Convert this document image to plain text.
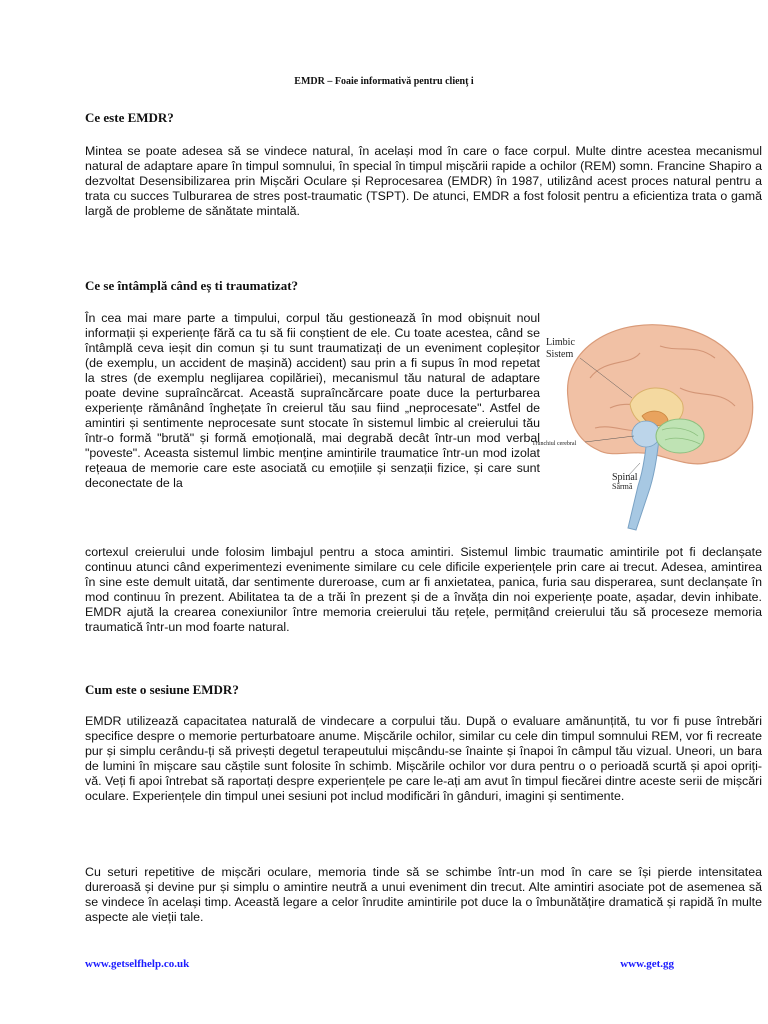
EMDR – Foaie informativă pentru clienţ i
Ce este EMDR?

Mintea se poate adesea să se vindece natural, în același mod în care o face corpul. Multe dintre acestea mecanismul natural de adaptare apare în timpul somnului, în special în timpul mișcării rapide a ochilor (REM) somn. Francine Shapiro a dezvoltat Desensibilizarea prin Mișcări Oculare și Reprocesarea (EMDR) în 1987, utilizând acest proces natural pentru a trata cu succes Tulburarea de stres post-traumatic (TSPT). De atunci, EMDR a fost folosit pentru a eficientiza trata o gamă largă de probleme de sănătate mintală.

Ce se întâmplă când eș ti traumatizat?

În cea mai mare parte a timpului, corpul tău gestionează în mod obișnuit noul informații și experiențe fără ca tu să fii conștient de ele. Cu toate acestea, când se întâmplă ceva ieșit din comun și tu sunt traumatizați de un eveniment copleșitor (de exemplu, un accident de mașină) accident) sau prin a fi supus în mod repetat la stres (de exemplu neglijarea copilăriei), mecanismul tău natural de adaptare poate devine supraîncărcat. Această supraîncărcare poate duce la perturbarea experiențe rămânând înghețate în creierul tău sau fiind „neprocesate". Astfel de amintiri și sentimente neprocesate sunt stocate în sistemul limbic al creierului tău într-o formă "brută" și formă emoțională, mai degrabă decât într-un mod verbal "poveste". Aceasta sistemul limbic menține amintirile traumatice într-un mod izolat rețeaua de memorie care este asociată cu emoțiile și senzații fizice, și care sunt deconectate de la

cortexul creierului unde folosim limbajul pentru a stoca amintiri. Sistemul limbic traumatic amintirile pot fi declanșate continuu atunci când experimentezi evenimente similare cu cele dificile experiențele prin care ai trecut. Adesea, amintirea în sine este demult uitată, dar sentimente dureroase, cum ar fi anxietatea, panica, furia sau disperarea, sunt declanșate în mod continuu în prezent. Abilitatea ta de a trăi în prezent și de a învăța din noi experiențe poate, așadar, devin inhibate. EMDR ajută la crearea conexiunilor între memoria creierului tău rețele, permițând creierului tău să proceseze memoria traumatică într-un mod foarte natural.

Limbic
Sistem
Trunchiul cerebral
Spinal
Sârmă
Cum este o sesiune EMDR?

EMDR utilizează capacitatea naturală de vindecare a corpului tău. După o evaluare amănunțită, tu vor fi puse întrebări specifice despre o memorie perturbatoare anume. Mișcările ochilor, similar cu cele din timpul somnului REM, vor fi recreate pur și simplu cerându-ți să privești degetul terapeutului mișcându-se înainte și înapoi în câmpul tău vizual. Uneori, un bara de lumini în mișcare sau căștile sunt folosite în schimb. Mișcările ochilor vor dura pentru o o perioadă scurtă și apoi opriți-vă. Veți fi apoi întrebat să raportați despre experiențele pe care le-ați am avut în timpul fiecărei dintre aceste serii de mișcări oculare. Experiențele din timpul unei sesiuni pot includ modificări în gânduri, imagini și sentimente.

Cu seturi repetitive de mișcări oculare, memoria tinde să se schimbe într-un mod în care se își pierde intensitatea dureroasă și devine pur și simplu o amintire neutră a unui eveniment din trecut. Alte amintiri asociate pot de asemenea să se vindece în același timp. Această legare a celor înrudite amintirile pot duce la o îmbunătățire dramatică și rapidă în multe aspecte ale vieții tale.

www.getselfhelp.co.uk	www.get.gg
